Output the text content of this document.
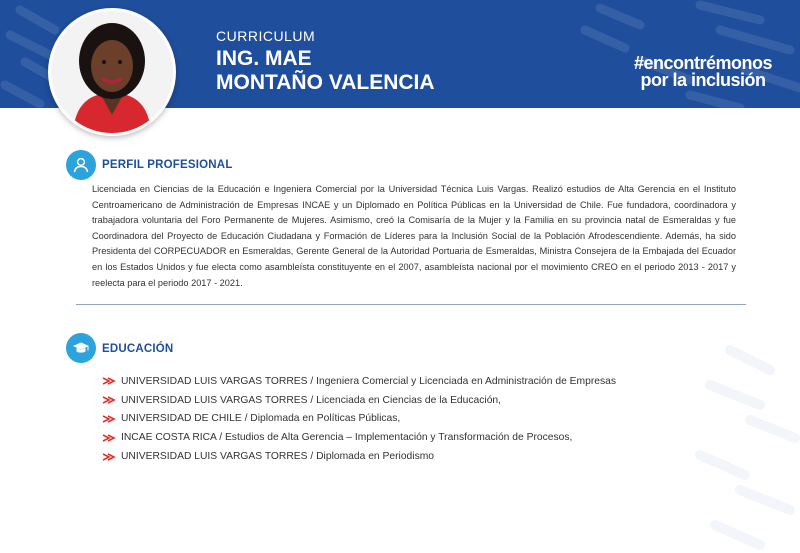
CURRICULUM
ING. MAE
MONTAÑO VALENCIA
#encontrémonos
por la inclusión
PERFIL PROFESIONAL

Licenciada en Ciencias de la Educación e Ingeniera Comercial por la Universidad Técnica Luis Vargas. Realizó estudios de Alta Gerencia en el Instituto Centroamericano de Administración de Empresas INCAE y un Diplomado en Política Públicas en la Universidad de Chile. Fue fundadora, coordinadora y trabajadora voluntaria del Foro Permanente de Mujeres. Asimismo, creó la Comisaría de la Mujer y la Familia en su provincia natal de Esmeraldas y fue Coordinadora del Proyecto de Educación Ciudadana y Formación de Líderes para la Inclusión Social de la Población Afrodescendiente. Además, ha sido Presidenta del CORPECUADOR en Esmeraldas, Gerente General de la Autoridad Portuaria de Esmeraldas, Ministra Consejera de la Embajada del Ecuador en los Estados Unidos y fue electa como asambleísta constituyente en el 2007, asambleísta nacional por el movimiento CREO en el periodo 2013 - 2017 y reelecta para el periodo 2017 - 2021.

EDUCACIÓN
UNIVERSIDAD LUIS VARGAS TORRES / Ingeniera Comercial y Licenciada en Administración de Empresas
UNIVERSIDAD LUIS VARGAS TORRES / Licenciada en Ciencias de la Educación,
UNIVERSIDAD DE CHILE / Diplomada en Políticas Públicas,
INCAE COSTA RICA / Estudios de Alta Gerencia – Implementación y Transformación de Procesos,
UNIVERSIDAD LUIS VARGAS TORRES / Diplomada en Periodismo
